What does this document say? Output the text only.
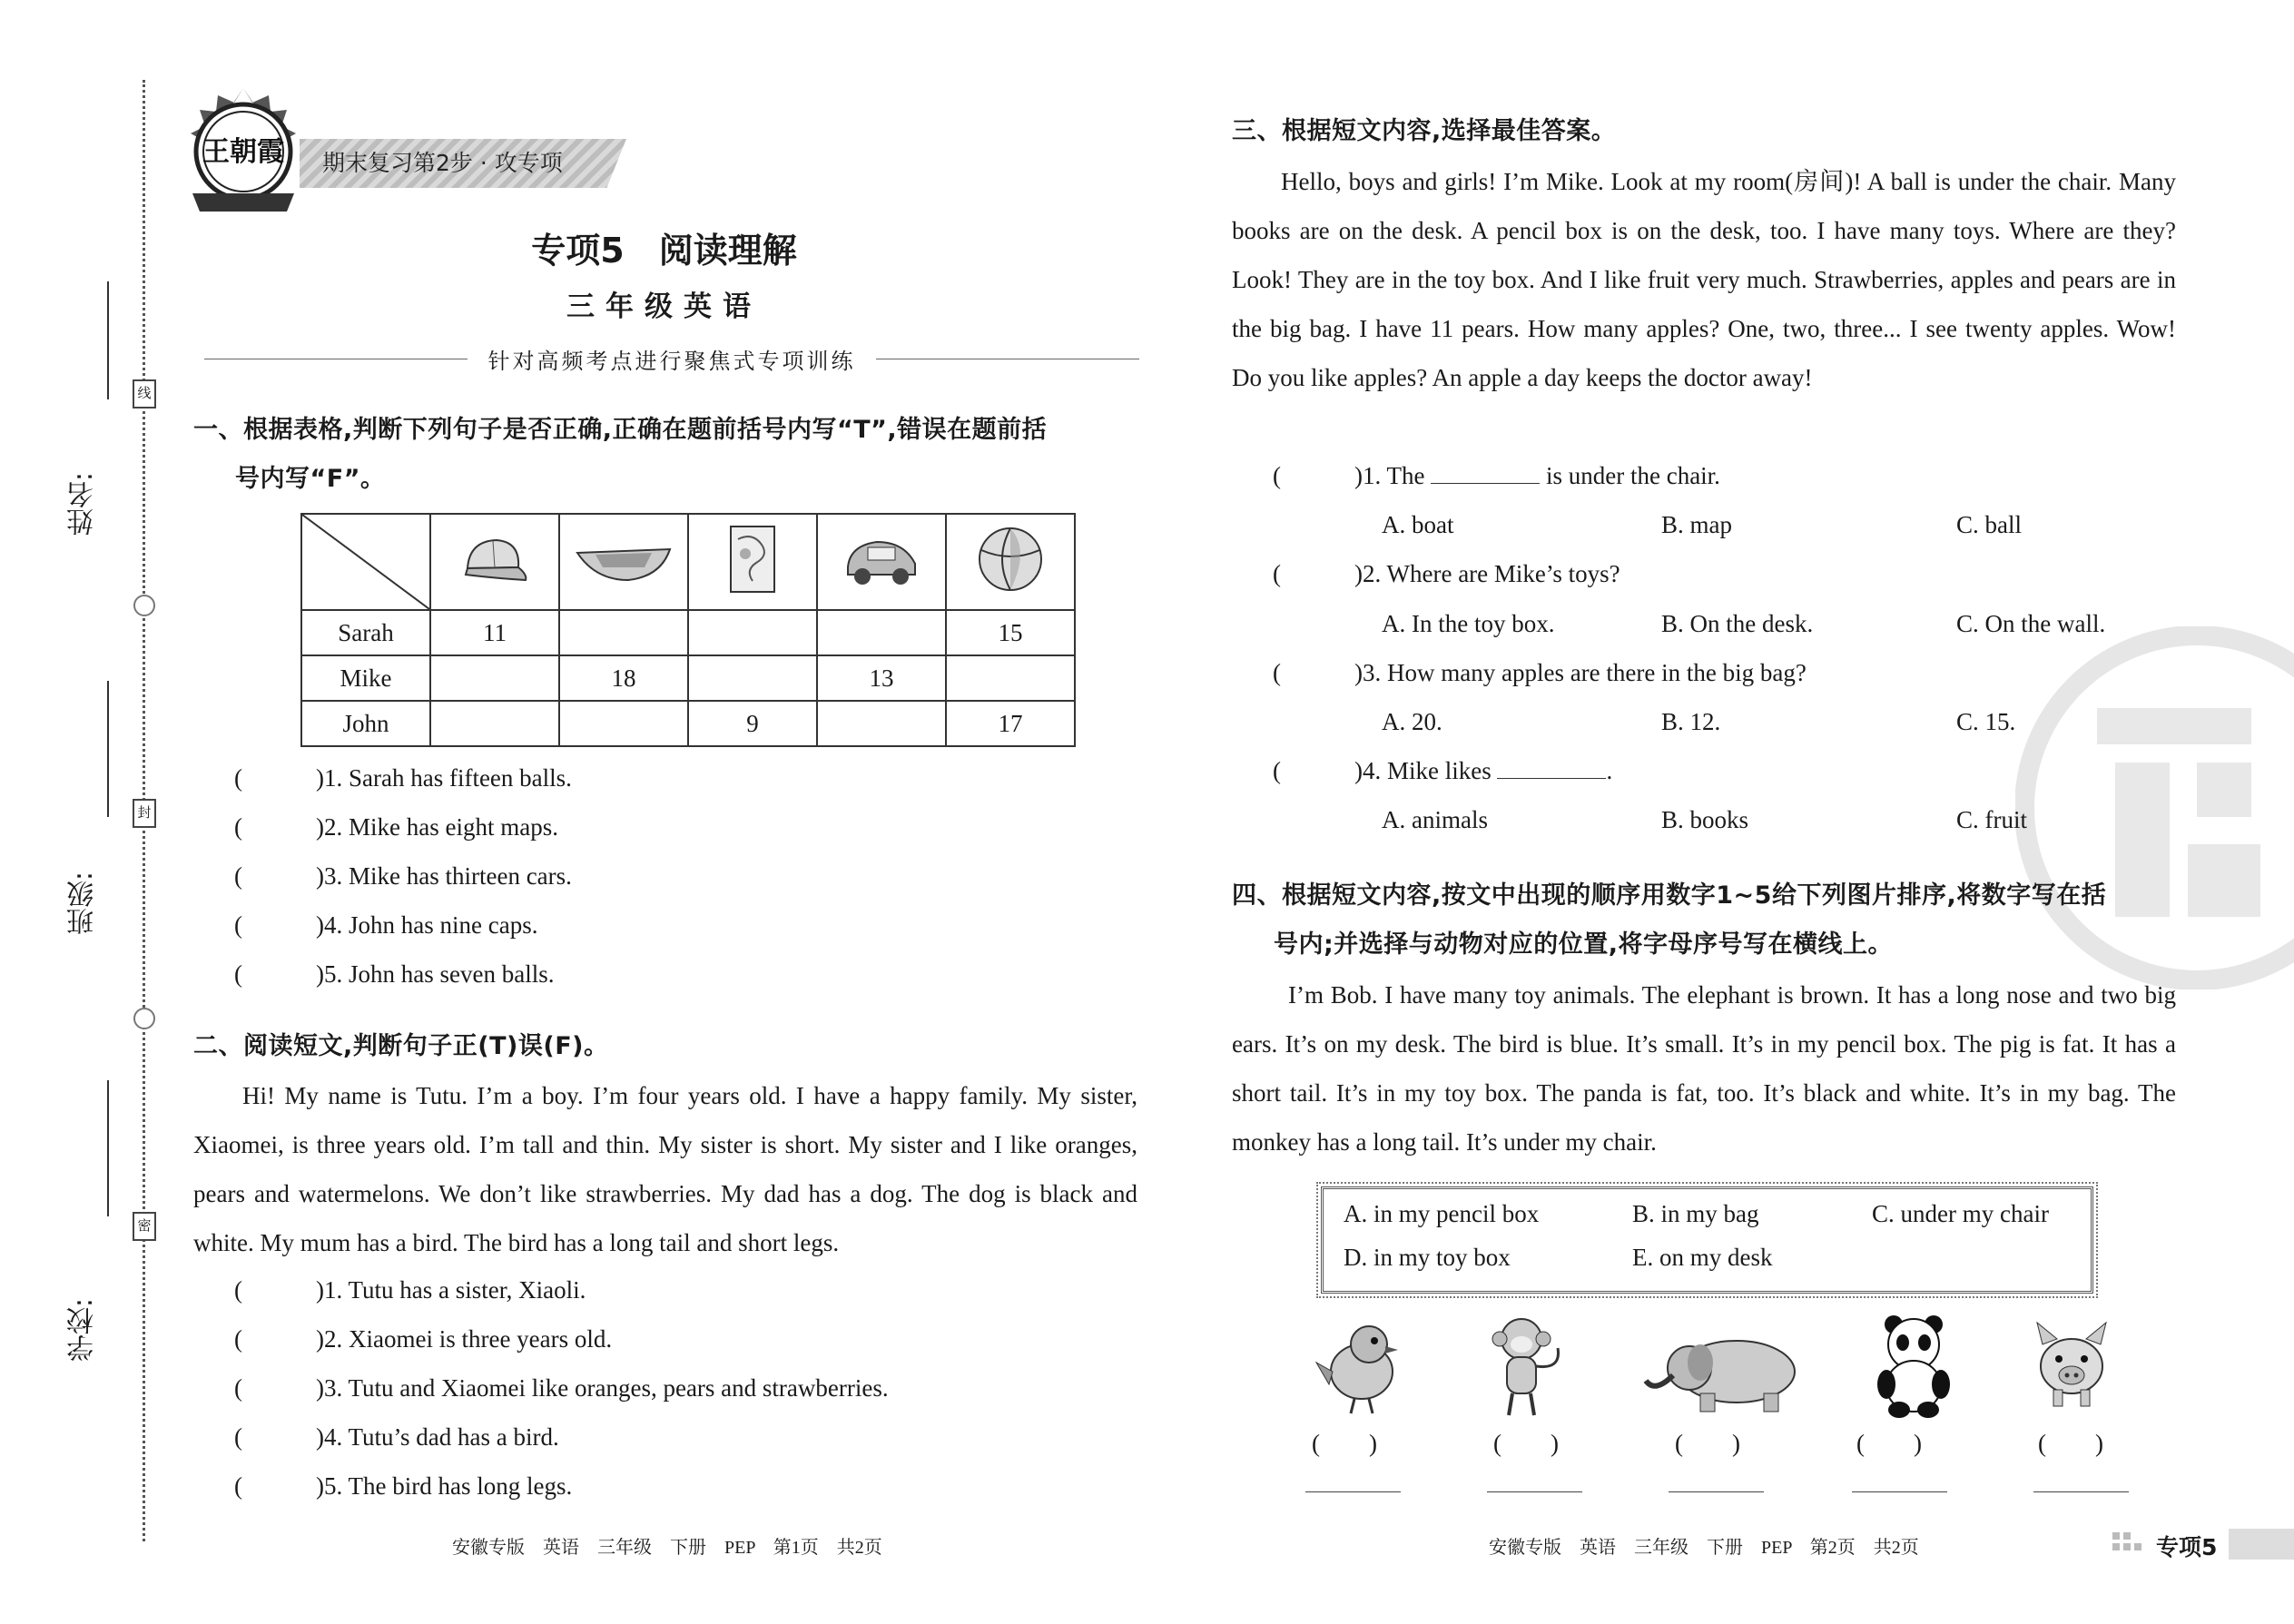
线
封
密
姓名:
班级:
学校:
王朝霞 期末复习第2步 · 攻专项
专项5　阅读理解
三年级英语
针对高频考点进行聚焦式专项训练
一、根据表格,判断下列句子是否正确,正确在题前括号内写“T”,错误在题前括
号内写“F”。

Sarah	11				15
Mike		18		13	
John			9		17
(	)1. Sarah has fifteen balls.
(	)2. Mike has eight maps.
(	)3. Mike has thirteen cars.
(	)4. John has nine caps.
(	)5. John has seven balls.
二、阅读短文,判断句子正(T)误(F)。
Hi! My name is Tutu. I’m a boy. I’m four years old. I have a happy family. My sister, Xiaomei, is three years old. I’m tall and thin. My sister is short. My sister and I like oranges, pears and watermelons. We don’t like strawberries. My dad has a dog. The dog is black and white. My mum has a bird. The bird has a long tail and short legs.
(	)1. Tutu has a sister, Xiaoli.
(	)2. Xiaomei is three years old.
(	)3. Tutu and Xiaomei like oranges, pears and strawberries.
(	)4. Tutu’s dad has a bird.
(	)5. The bird has long legs.
安徽专版　英语　三年级　下册　PEP　第1页　共2页
三、根据短文内容,选择最佳答案。
Hello, boys and girls! I’m Mike. Look at my room(房间)! A ball is under the chair. Many books are on the desk. A pencil box is on the desk, too. I have many toys. Where are they? Look! They are in the toy box. And I like fruit very much. Strawberries, apples and pears are in the big bag. I have 11 pears. How many apples? One, two, three... I see twenty apples. Wow! Do you like apples? An apple a day keeps the doctor away!
(	)1. The	is under the chair.
A. boat	B. map	C. ball
(	)2. Where are Mike’s toys?
A. In the toy box.	B. On the desk.	C. On the wall.
(	)3. How many apples are there in the big bag?
A. 20.	B. 12.	C. 15.
(	)4. Mike likes	.
A. animals	B. books	C. fruit
四、根据短文内容,按文中出现的顺序用数字1~5给下列图片排序,将数字写在括
号内;并选择与动物对应的位置,将字母序号写在横线上。
I’m Bob. I have many toy animals. The elephant is brown. It has a long nose and two big ears. It’s on my desk. The bird is blue. It’s small. It’s in my pencil box. The pig is fat. It has a short tail. It’s in my toy box. The panda is fat, too. It’s black and white. It’s in my bag. The monkey has a long tail. It’s under my chair.
A. in my pencil box	B. in my bag	C. under my chair
D. in my toy box	E. on my desk
(　　)	(　　)	(　　)	(　　)	(　　)
安徽专版　英语　三年级　下册　PEP　第2页　共2页	专项5
